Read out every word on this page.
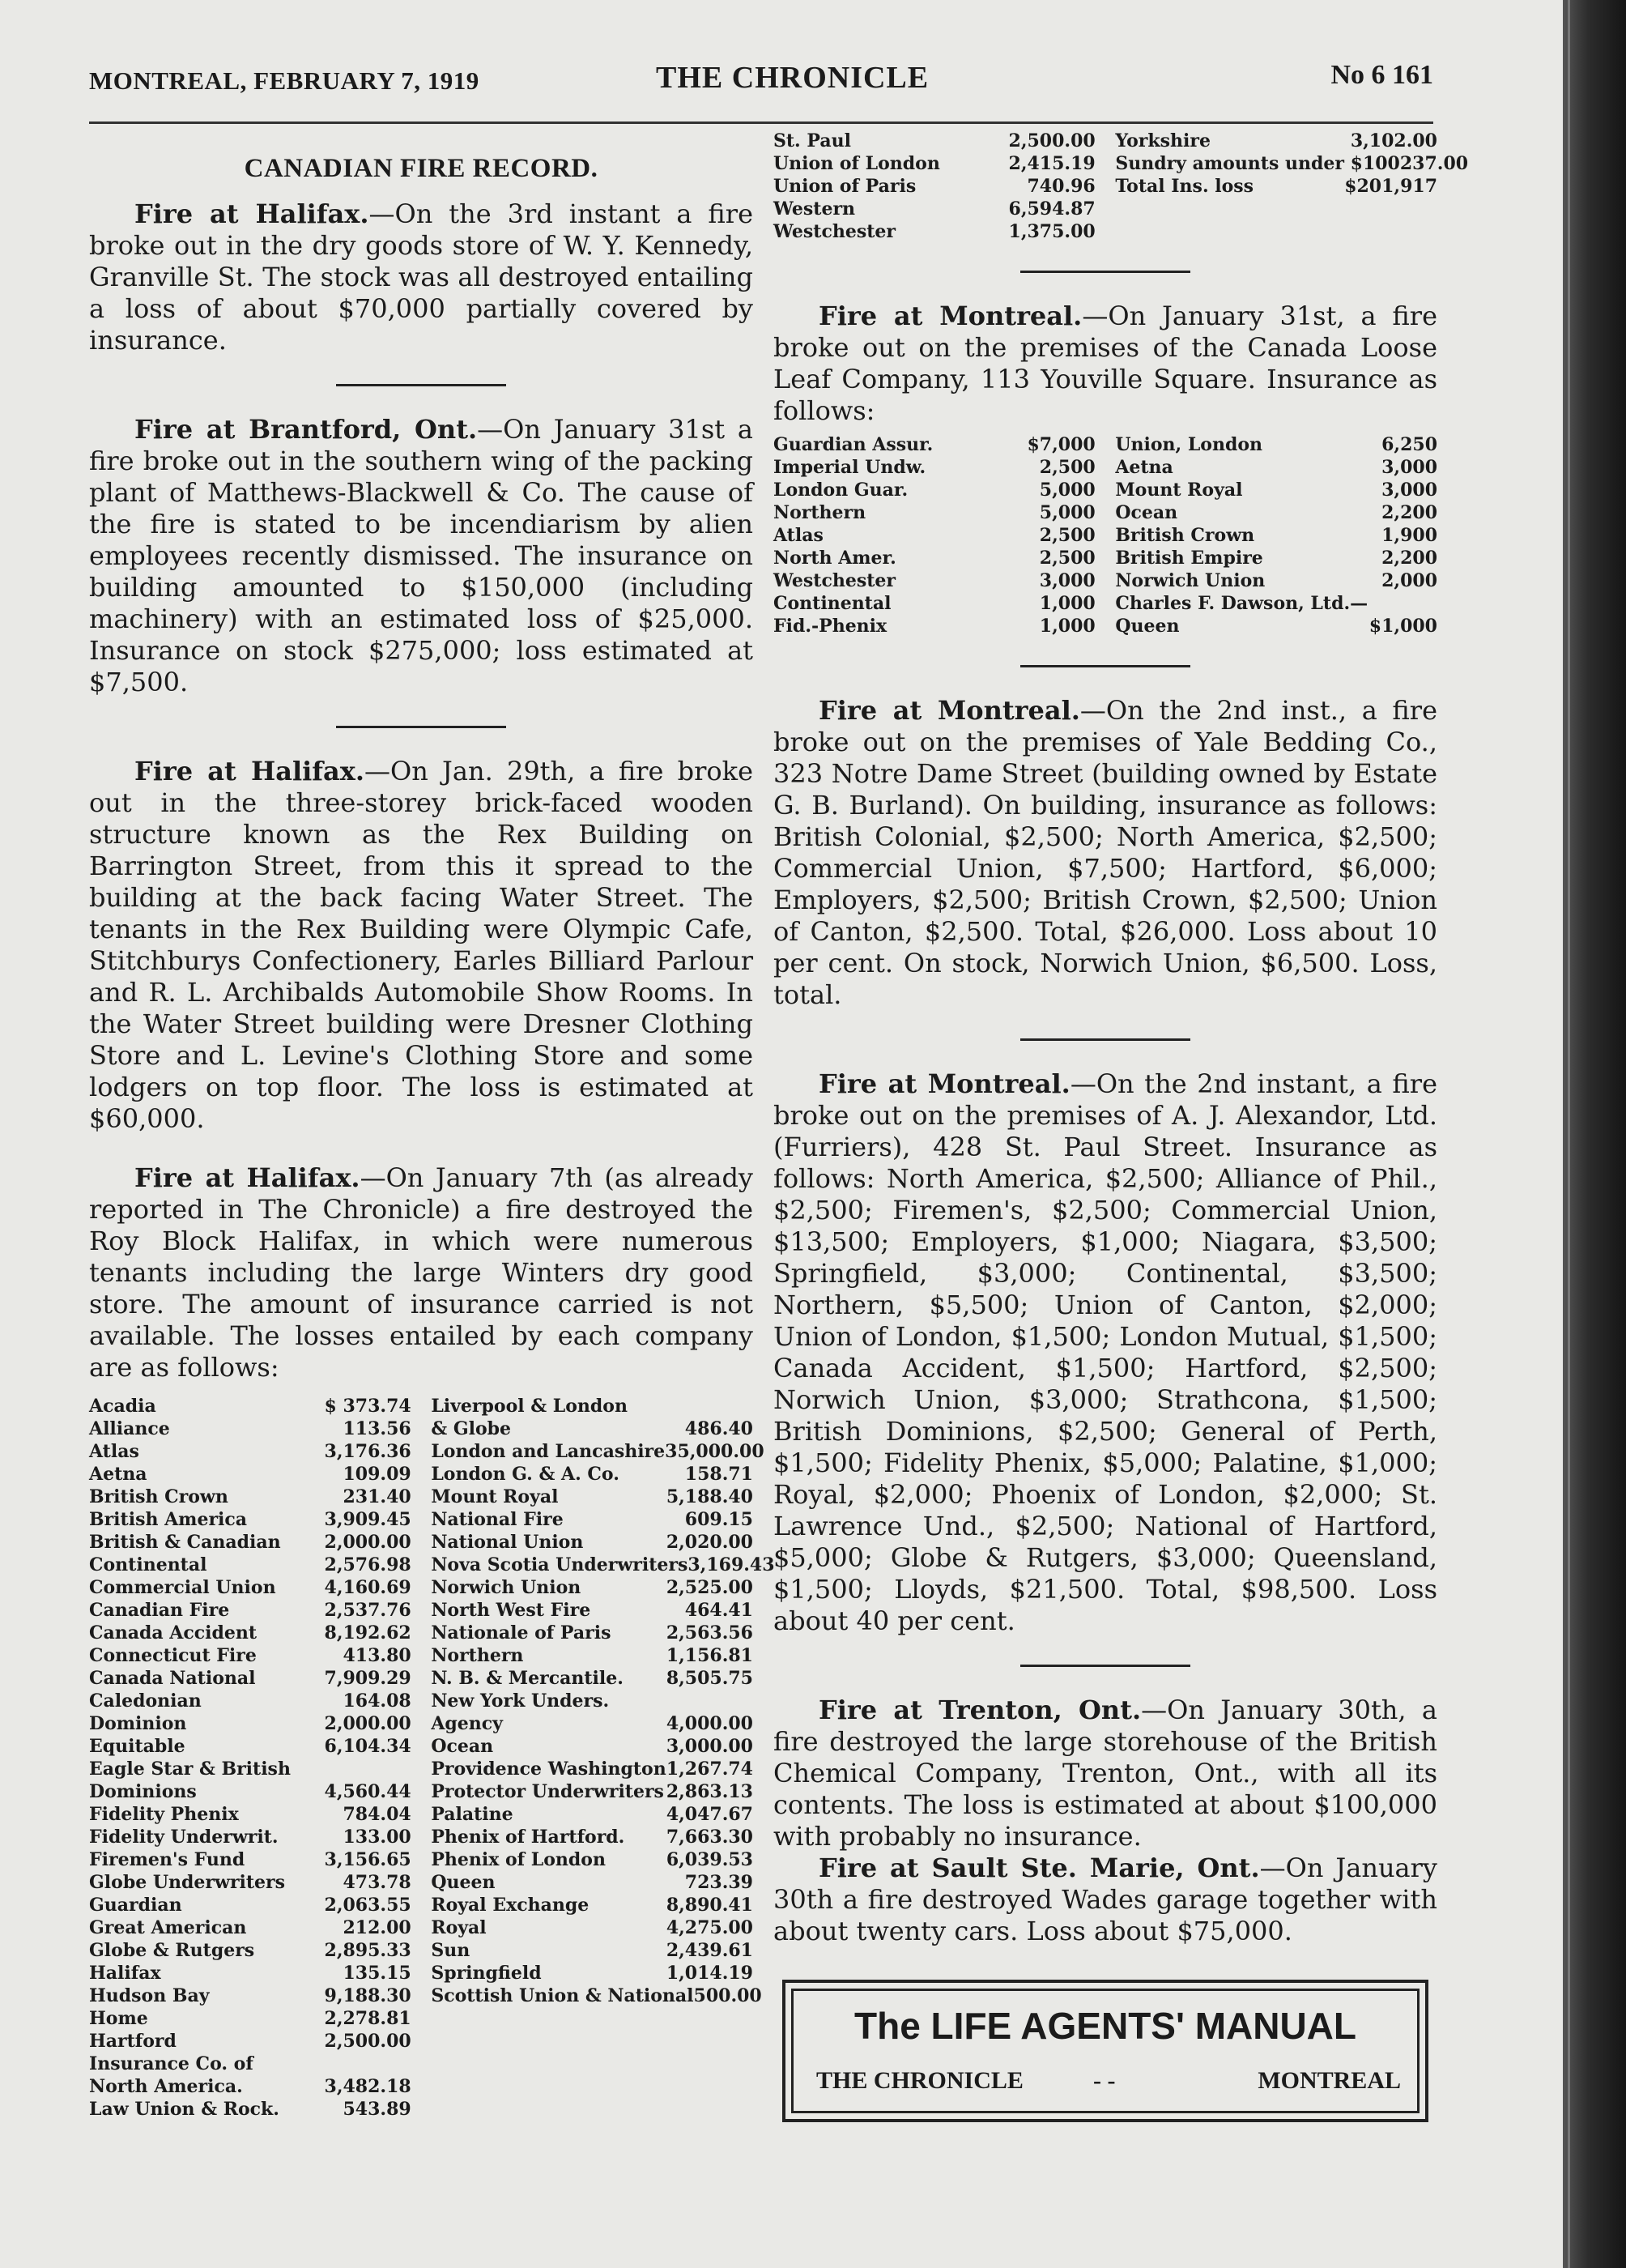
MONTREAL, FEBRUARY 7, 1919	THE CHRONICLE	No 6 161
CANADIAN FIRE RECORD.

Fire at Halifax.—On the 3rd instant a fire broke out in the dry goods store of W. Y. Kennedy, Granville St. The stock was all destroyed entailing a loss of about $70,000 partially covered by insurance.

Fire at Brantford, Ont.—On January 31st a fire broke out in the southern wing of the packing plant of Matthews-Blackwell & Co. The cause of the fire is stated to be incendiarism by alien employees recently dismissed. The insurance on building amounted to $150,000 (including machinery) with an estimated loss of $25,000. Insurance on stock $275,000; loss estimated at $7,500.

Fire at Halifax.—On Jan. 29th, a fire broke out in the three-storey brick-faced wooden structure known as the Rex Building on Barrington Street, from this it spread to the building at the back facing Water Street. The tenants in the Rex Building were Olympic Cafe, Stitchburys Confectionery, Earles Billiard Parlour and R. L. Archibalds Automobile Show Rooms. In the Water Street building were Dresner Clothing Store and L. Levine's Clothing Store and some lodgers on top floor. The loss is estimated at $60,000.

Fire at Halifax.—On January 7th (as already reported in The Chronicle) a fire destroyed the Roy Block Halifax, in which were numerous tenants including the large Winters dry good store. The amount of insurance carried is not available. The losses entailed by each company are as follows:

Acadia	$ 373.74
Alliance	113.56
Atlas	3,176.36
Aetna	109.09
British Crown	231.40
British America	3,909.45
British & Canadian 2,000.00
Continental	2,576.98
Commercial Union	4,160.69
Canadian Fire	2,537.76
Canada Accident	8,192.62
Connecticut Fire	413.80
Canada National	7,909.29
Caledonian	164.08
Dominion	2,000.00
Equitable	6,104.34
Eagle Star & British
Dominions	4,560.44
Fidelity Phenix	784.04
Fidelity Underwrit.	133.00
Firemen's Fund	3,156.65
Globe Underwriters	473.78
Guardian	2,063.55
Great American	212.00
Globe & Rutgers	2,895.33
Halifax	135.15
Hudson Bay	9,188.30
Home	2,278.81
Hartford	2,500.00
Insurance Co. of
North America.	3,482.18
Law Union & Rock.	543.89
Liverpool & London
& Globe	486.40
London and Lancashire 35,000.00
London G. & A. Co.	158.71
Mount Royal	5,188.40
National Fire	609.15
National Union	2,020.00
Nova Scotia Underwriters 3,169.43
Norwich Union	2,525.00
North West Fire	464.41
Nationale of Paris	2,563.56
Northern	1,156.81
N. B. & Mercantile. 8,505.75
New York Unders.
Agency	4,000.00
Ocean	3,000.00
Providence Washington 1,267.74
Protector Underwriters 2,863.13
Palatine	4,047.67
Phenix of Hartford. 7,663.30
Phenix of London	6,039.53
Queen	723.39
Royal Exchange	8,890.41
Royal	4,275.00
Sun	2,439.61
Springfield	1,014.19
Scottish Union & National 500.00
St. Paul	2,500.00
Union of London	2,415.19
Union of Paris	740.96
Western	6,594.87
Westchester	1,375.00
Yorkshire	3,102.00
Sundry amounts under $100 237.00
Total Ins. loss	$201,917

Fire at Montreal.—On January 31st, a fire broke out on the premises of the Canada Loose Leaf Company, 113 Youville Square. Insurance as follows:

Guardian Assur.	$7,000
Imperial Undw.	2,500
London Guar.	5,000
Northern	5,000
Atlas	2,500
North Amer.	2,500
Westchester	3,000
Continental	1,000
Fid.-Phenix	1,000
Union, London	6,250
Aetna	3,000
Mount Royal	3,000
Ocean	2,200
British Crown	1,900
British Empire	2,200
Norwich Union	2,000
Charles F. Dawson, Ltd.—
Queen	$1,000

Fire at Montreal.—On the 2nd inst., a fire broke out on the premises of Yale Bedding Co., 323 Notre Dame Street (building owned by Estate G. B. Burland). On building, insurance as follows: British Colonial, $2,500; North America, $2,500; Commercial Union, $7,500; Hartford, $6,000; Employers, $2,500; British Crown, $2,500; Union of Canton, $2,500. Total, $26,000. Loss about 10 per cent. On stock, Norwich Union, $6,500. Loss, total.

Fire at Montreal.—On the 2nd instant, a fire broke out on the premises of A. J. Alexandor, Ltd. (Furriers), 428 St. Paul Street. Insurance as follows: North America, $2,500; Alliance of Phil., $2,500; Firemen's, $2,500; Commercial Union, $13,500; Employers, $1,000; Niagara, $3,500; Springfield, $3,000; Continental, $3,500; Northern, $5,500; Union of Canton, $2,000; Union of London, $1,500; London Mutual, $1,500; Canada Accident, $1,500; Hartford, $2,500; Norwich Union, $3,000; Strathcona, $1,500; British Dominions, $2,500; General of Perth, $1,500; Fidelity Phenix, $5,000; Palatine, $1,000; Royal, $2,000; Phoenix of London, $2,000; St. Lawrence Und., $2,500; National of Hartford, $5,000; Globe & Rutgers, $3,000; Queensland, $1,500; Lloyds, $21,500. Total, $98,500. Loss about 40 per cent.

Fire at Trenton, Ont.—On January 30th, a fire destroyed the large storehouse of the British Chemical Company, Trenton, Ont., with all its contents. The loss is estimated at about $100,000 with probably no insurance.

Fire at Sault Ste. Marie, Ont.—On January 30th a fire destroyed Wades garage together with about twenty cars. Loss about $75,000.

The LIFE AGENTS' MANUAL
THE CHRONICLE	- -	MONTREAL
